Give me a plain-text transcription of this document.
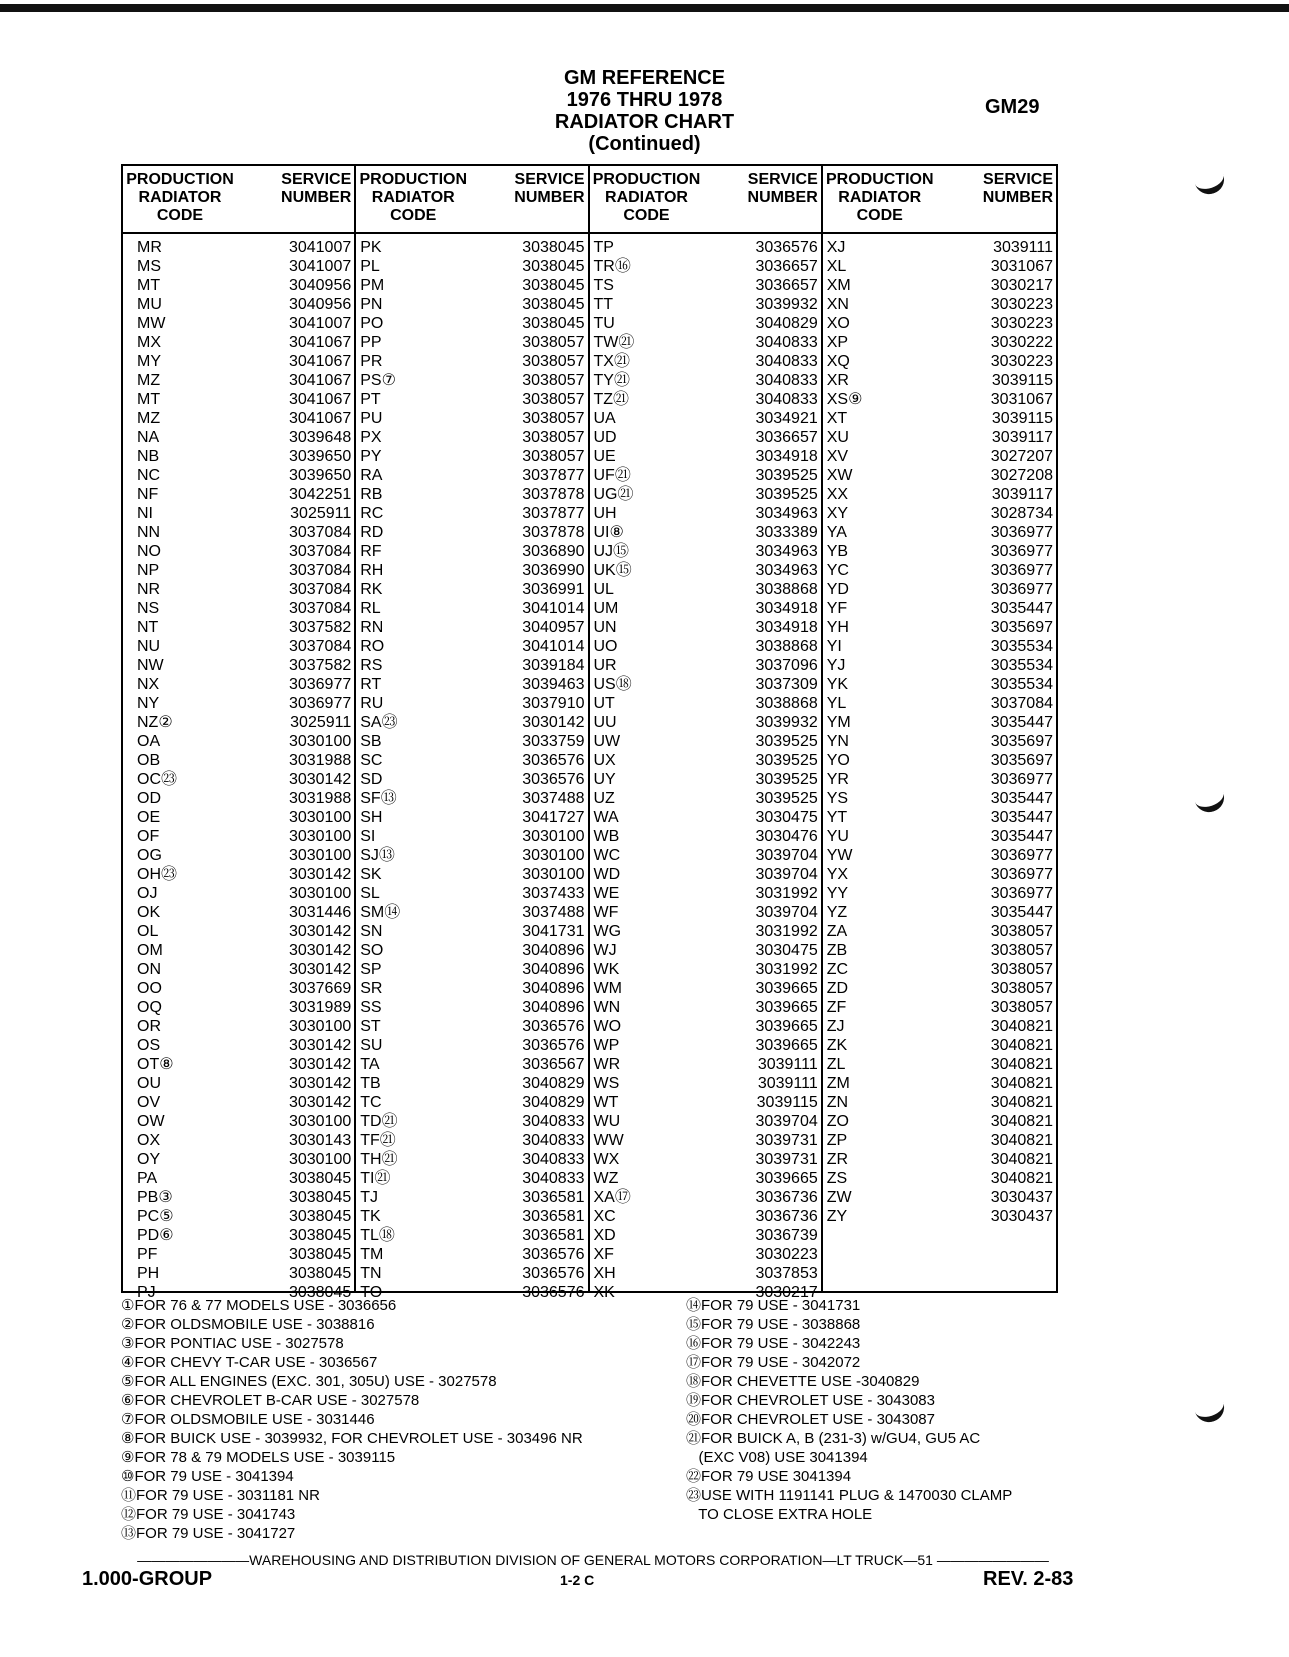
GM REFERENCE
1976 THRU 1978
RADIATOR CHART
(Continued)
GM29
PRODUCTION
RADIATOR
CODE
SERVICE
NUMBER
MR	3041007
MS	3041007
MT	3040956
MU	3040956
MW	3041007
MX	3041067
MY	3041067
MZ	3041067
MT	3041067
MZ	3041067
NA	3039648
NB	3039650
NC	3039650
NF	3042251
NI	3025911
NN	3037084
NO	3037084
NP	3037084
NR	3037084
NS	3037084
NT	3037582
NU	3037084
NW	3037582
NX	3036977
NY	3036977
NZ②	3025911
OA	3030100
OB	3031988
OC㉓	3030142
OD	3031988
OE	3030100
OF	3030100
OG	3030100
OH㉓	3030142
OJ	3030100
OK	3031446
OL	3030142
OM	3030142
ON	3030142
OO	3037669
OQ	3031989
OR	3030100
OS	3030142
OT⑧	3030142
OU	3030142
OV	3030142
OW	3030100
OX	3030143
OY	3030100
PA	3038045
PB③	3038045
PC⑤	3038045
PD⑥	3038045
PF	3038045
PH	3038045
PJ	3038045
PRODUCTION
RADIATOR
CODE
SERVICE
NUMBER
PK	3038045
PL	3038045
PM	3038045
PN	3038045
PO	3038045
PP	3038057
PR	3038057
PS⑦	3038057
PT	3038057
PU	3038057
PX	3038057
PY	3038057
RA	3037877
RB	3037878
RC	3037877
RD	3037878
RF	3036890
RH	3036990
RK	3036991
RL	3041014
RN	3040957
RO	3041014
RS	3039184
RT	3039463
RU	3037910
SA㉓	3030142
SB	3033759
SC	3036576
SD	3036576
SF⑬	3037488
SH	3041727
SI	3030100
SJ⑬	3030100
SK	3030100
SL	3037433
SM⑭	3037488
SN	3041731
SO	3040896
SP	3040896
SR	3040896
SS	3040896
ST	3036576
SU	3036576
TA	3036567
TB	3040829
TC	3040829
TD㉑	3040833
TF㉑	3040833
TH㉑	3040833
TI㉑	3040833
TJ	3036581
TK	3036581
TL⑱	3036581
TM	3036576
TN	3036576
TO	3036576
PRODUCTION
RADIATOR
CODE
SERVICE
NUMBER
TP	3036576
TR⑯	3036657
TS	3036657
TT	3039932
TU	3040829
TW㉑	3040833
TX㉑	3040833
TY㉑	3040833
TZ㉑	3040833
UA	3034921
UD	3036657
UE	3034918
UF㉑	3039525
UG㉑	3039525
UH	3034963
UI⑧	3033389
UJ⑮	3034963
UK⑮	3034963
UL	3038868
UM	3034918
UN	3034918
UO	3038868
UR	3037096
US⑱	3037309
UT	3038868
UU	3039932
UW	3039525
UX	3039525
UY	3039525
UZ	3039525
WA	3030475
WB	3030476
WC	3039704
WD	3039704
WE	3031992
WF	3039704
WG	3031992
WJ	3030475
WK	3031992
WM	3039665
WN	3039665
WO	3039665
WP	3039665
WR	3039111
WS	3039111
WT	3039115
WU	3039704
WW	3039731
WX	3039731
WZ	3039665
XA⑰	3036736
XC	3036736
XD	3036739
XF	3030223
XH	3037853
XK	3030217
PRODUCTION
RADIATOR
CODE
SERVICE
NUMBER
XJ	3039111
XL	3031067
XM	3030217
XN	3030223
XO	3030223
XP	3030222
XQ	3030223
XR	3039115
XS⑨	3031067
XT	3039115
XU	3039117
XV	3027207
XW	3027208
XX	3039117
XY	3028734
YA	3036977
YB	3036977
YC	3036977
YD	3036977
YF	3035447
YH	3035697
YI	3035534
YJ	3035534
YK	3035534
YL	3037084
YM	3035447
YN	3035697
YO	3035697
YR	3036977
YS	3035447
YT	3035447
YU	3035447
YW	3036977
YX	3036977
YY	3036977
YZ	3035447
ZA	3038057
ZB	3038057
ZC	3038057
ZD	3038057
ZF	3038057
ZJ	3040821
ZK	3040821
ZL	3040821
ZM	3040821
ZN	3040821
ZO	3040821
ZP	3040821
ZR	3040821
ZS	3040821
ZW	3030437
ZY	3030437
①FOR 76 & 77 MODELS USE - 3036656
②FOR OLDSMOBILE USE - 3038816
③FOR PONTIAC USE - 3027578
④FOR CHEVY T-CAR USE - 3036567
⑤FOR ALL ENGINES (EXC. 301, 305U) USE - 3027578
⑥FOR CHEVROLET B-CAR USE - 3027578
⑦FOR OLDSMOBILE USE - 3031446
⑧FOR BUICK USE - 3039932, FOR CHEVROLET USE - 303496 NR
⑨FOR 78 & 79 MODELS USE - 3039115
⑩FOR 79 USE - 3041394
⑪FOR 79 USE - 3031181 NR
⑫FOR 79 USE - 3041743
⑬FOR 79 USE - 3041727
⑭FOR 79 USE - 3041731
⑮FOR 79 USE - 3038868
⑯FOR 79 USE - 3042243
⑰FOR 79 USE - 3042072
⑱FOR CHEVETTE USE -3040829
⑲FOR CHEVROLET USE - 3043083
⑳FOR CHEVROLET USE - 3043087
㉑FOR BUICK A, B (231-3) w/GU4, GU5 AC
(EXC V08) USE 3041394
㉒FOR 79 USE 3041394
㉓USE WITH 1191141 PLUG & 1470030 CLAMP
TO CLOSE EXTRA HOLE
————————WAREHOUSING AND DISTRIBUTION DIVISION OF GENERAL MOTORS CORPORATION—LT TRUCK—51 ————————
1.000-GROUP	1-2 C	REV. 2-83
